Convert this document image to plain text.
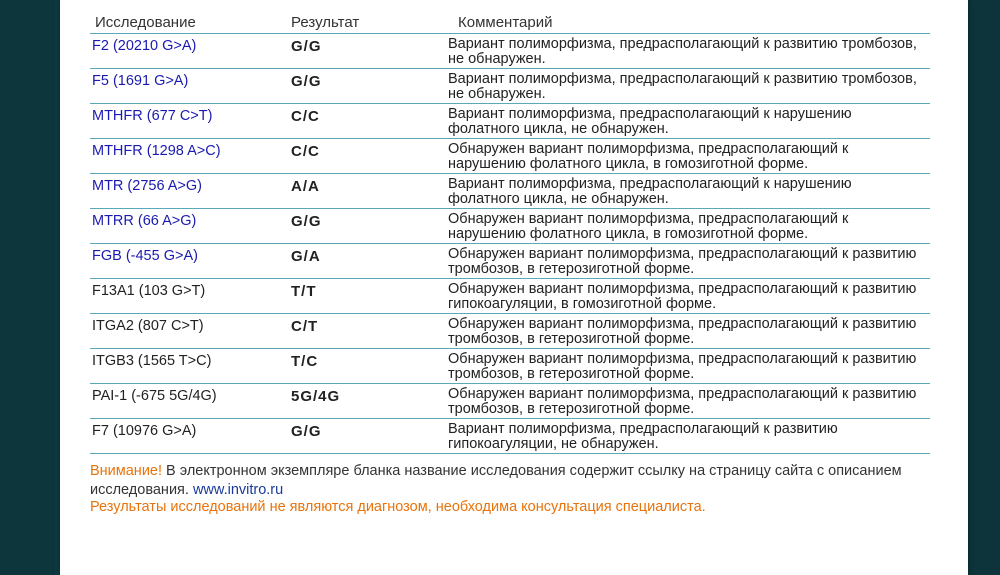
Исследование	Результат	Комментарий
F2 (20210 G>A)	G/G	Вариант полиморфизма, предрасполагающий к развитию тромбозов, не обнаружен.
F5 (1691 G>A)	G/G	Вариант полиморфизма, предрасполагающий к развитию тромбозов, не обнаружен.
MTHFR (677 C>T)	C/C	Вариант полиморфизма, предрасполагающий к нарушению фолатного цикла, не обнаружен.
MTHFR (1298 A>C)	C/C	Обнаружен вариант полиморфизма, предрасполагающий к нарушению фолатного цикла, в гомозиготной форме.
MTR (2756 A>G)	A/A	Вариант полиморфизма, предрасполагающий к нарушению фолатного цикла, не обнаружен.
MTRR (66 A>G)	G/G	Обнаружен вариант полиморфизма, предрасполагающий к нарушению фолатного цикла, в гомозиготной форме.
FGB (-455 G>A)	G/A	Обнаружен вариант полиморфизма, предрасполагающий к развитию тромбозов, в гетерозиготной форме.
F13A1 (103 G>T)	T/T	Обнаружен вариант полиморфизма, предрасполагающий к развитию гипокоагуляции, в гомозиготной форме.
ITGA2 (807 C>T)	C/T	Обнаружен вариант полиморфизма, предрасполагающий к развитию тромбозов, в гетерозиготной форме.
ITGB3 (1565 T>C)	T/C	Обнаружен вариант полиморфизма, предрасполагающий к развитию тромбозов, в гетерозиготной форме.
PAI-1 (-675 5G/4G)	5G/4G	Обнаружен вариант полиморфизма, предрасполагающий к развитию тромбозов, в гетерозиготной форме.
F7 (10976 G>A)	G/G	Вариант полиморфизма, предрасполагающий к развитию гипокоагуляции, не обнаружен.
Внимание! В электронном экземпляре бланка название исследования содержит ссылку на страницу сайта с описанием исследования. www.invitro.ru
Результаты исследований не являются диагнозом, необходима консультация специалиста.
